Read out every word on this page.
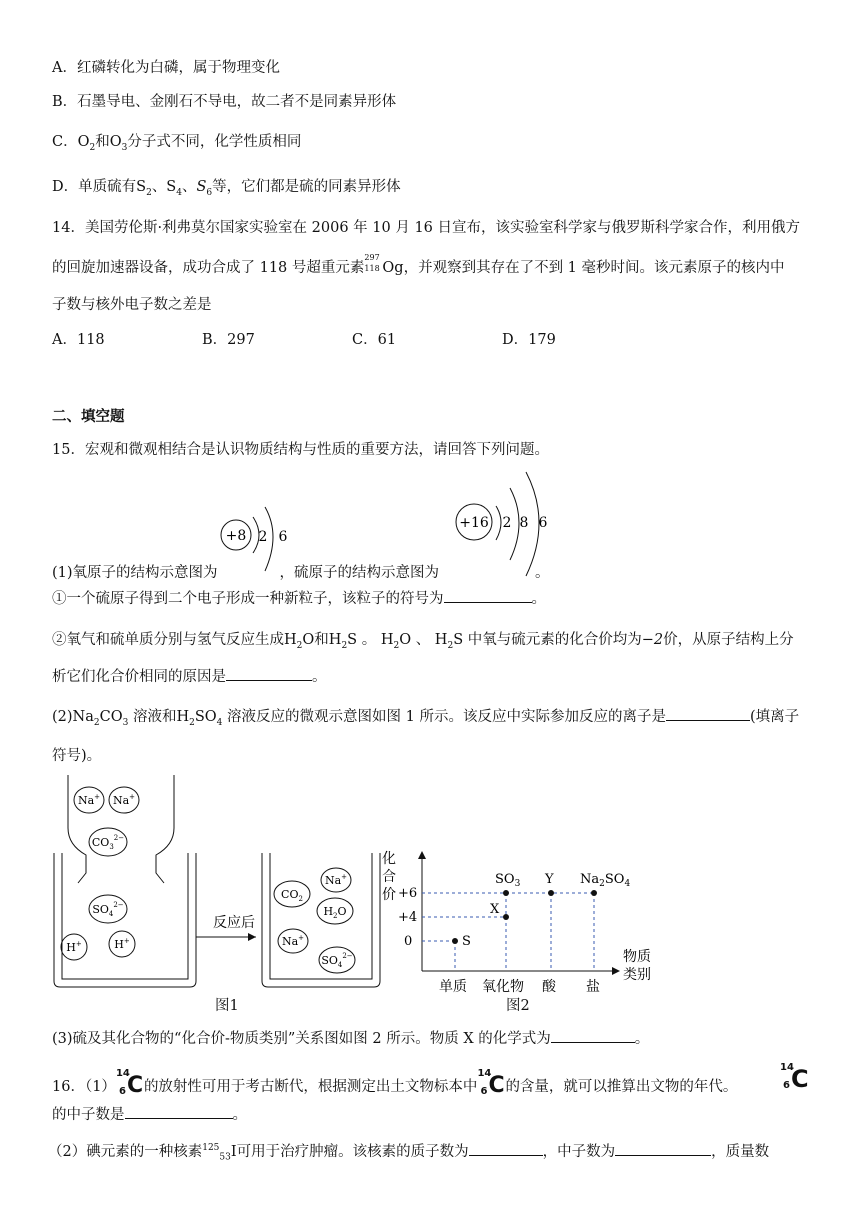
A．红磷转化为白磷，属于物理变化
B．石墨导电、金刚石不导电，故二者不是同素异形体
C．$O_2$和$O_3$分子式不同，化学性质相同
D．单质硫有$S_2$、$S_4$、$S_6$等，它们都是硫的同素异形体
14．美国劳伦斯·利弗莫尔国家实验室在 2006 年 10 月 16 日宣布，该实验室科学家与俄罗斯科学家合作，利用俄方
的回旋加速器设备，成功合成了 118 号超重元素
297
118 Og，并观察到其存在了不到 1 毫秒时间。该元素原子的核内中
子数与核外电子数之差是
A．118	B．297	C．61	D．179
二、填空题
15．宏观和微观相结合是认识物质结构与性质的重要方法，请回答下列问题。
+8 2 6
+16 2 8 6
(1)氧原子的结构示意图为	，硫原子的结构示意图为	。
①一个硫原子得到二个电子形成一种新粒子，该粒子的符号为	。
②氧气和硫单质分别与氢气反应生成$H_2O$和$H_2S$ 。 $H_2O$ 、 $H_2S$ 中氧与硫元素的化合价均为−2价，从原子结构上分
析它们化合价相同的原因是	。
$(2)Na_2CO_3$ 溶液和$H_2SO_4$ 溶液反应的微观示意图如图 1 所示。该反应中实际参加反应的离子是	(填离子
符号)。
Na+ Na+
$CO_3^{2-}$
$SO_4^{2-}$
H+	H+
反应后
$CO_2$
Na+
$H_2O$
Na+
$SO_4^{2-}$
图1
化
合
价 +6
+4
0	S
X
$SO_3$ Y $Na_2SO_4$
单质 氧化物 酸 盐
物质
类别
图2
(3)硫及其化合物的“化合价-物质类别”关系图如图 2 所示。物质 X 的化学式为	。
16．（1）
14
6 C 的放射性可用于考古断代，根据测定出土文物标本中
14
6 C 的含量，就可以推算出文物的年代。
14
6 C
的中子数是	。
（2）碘元素的一种核素$^{125}_{53}$I可用于治疗肿瘤。该核素的质子数为	，中子数为	，质量数
